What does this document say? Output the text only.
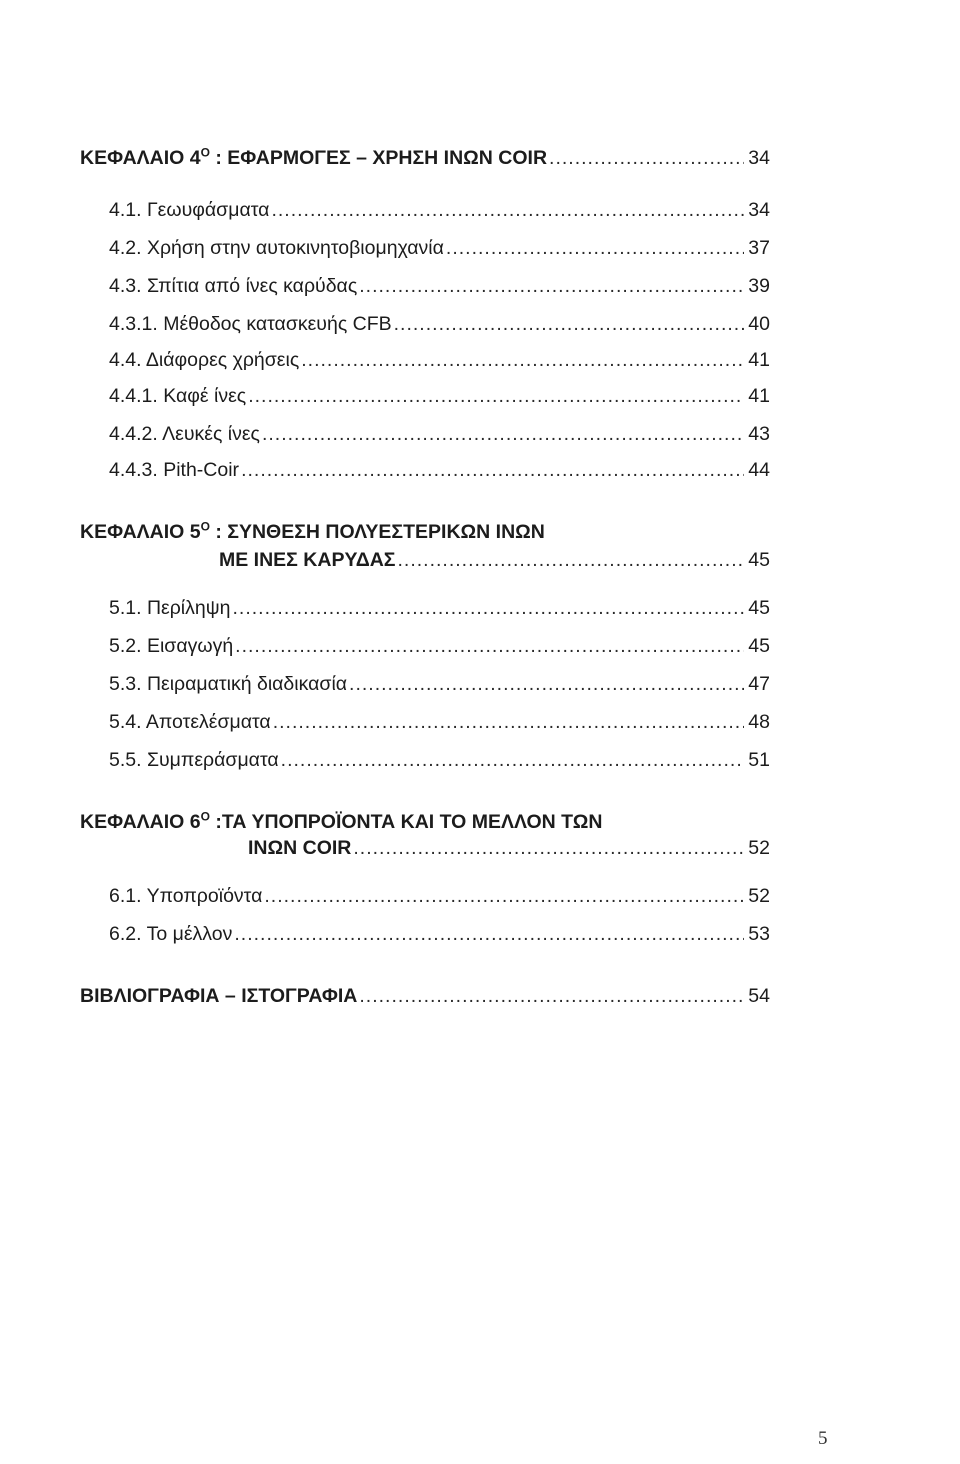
ΚΕΦΑΛΑΙΟ $4^O$ : ΕΦΑΡΜΟΓΕΣ – ΧΡΗΣΗ ΙΝΩΝ COIR .....	34
4.1. Γεωυφάσματα .....	34
4.2. Χρήση στην αυτοκινητοβιομηχανία .....	37
4.3. Σπίτια από ίνες καρύδας .....	39
4.3.1. Μέθοδος κατασκευής CFB .....	40
4.4. Διάφορες χρήσεις .....	41
4.4.1. Καφέ ίνες .....	41
4.4.2. Λευκές ίνες .....	43
4.4.3. Pith-Coir .....	44
ΚΕΦΑΛΑΙΟ $5^O$ : ΣΥΝΘΕΣΗ ΠΟΛΥΕΣΤΕΡΙΚΩΝ ΙΝΩΝ
ΜΕ ΙΝΕΣ ΚΑΡΥΔΑΣ .....	45
5.1. Περίληψη .....	45
5.2. Εισαγωγή .....	45
5.3. Πειραματική διαδικασία .....	47
5.4. Αποτελέσματα .....	48
5.5. Συμπεράσματα .....	51
ΚΕΦΑΛΑΙΟ $6^O$ :ΤΑ ΥΠΟΠΡΟΪΟΝΤΑ ΚΑΙ ΤΟ ΜΕΛΛΟΝ ΤΩΝ
ΙΝΩΝ COIR .....	52
6.1. Υποπροϊόντα .....	52
6.2. Το μέλλον .....	53
ΒΙΒΛΙΟΓΡΑΦΙΑ – ΙΣΤΟΓΡΑΦΙΑ .....	54
5
